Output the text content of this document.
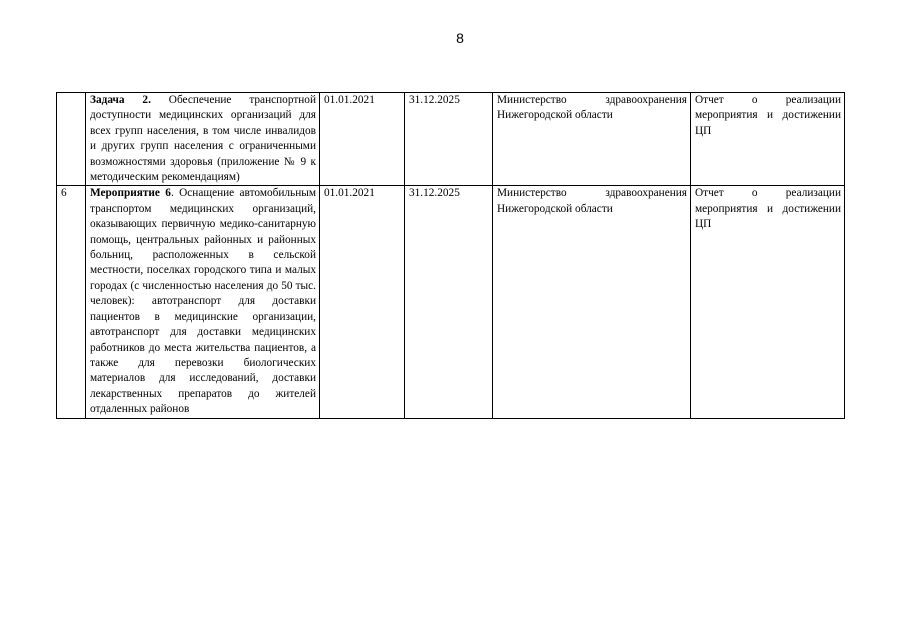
8
	Задача 2. Обеспечение транспортной доступности медицинских организаций для всех групп населения, в том числе инвалидов и других групп населения с ограниченными возможностями здоровья (приложение № 9 к методическим рекомендациям)	01.01.2021	31.12.2025	Министерство здравоохранения Нижегородской области	Отчет о реализации мероприятия и достижении ЦП
6	Мероприятие 6. Оснащение автомобильным транспортом медицинских организаций, оказывающих первичную медико-санитарную помощь, центральных районных и районных больниц, расположенных в сельской местности, поселках городского типа и малых городах (с численностью населения до 50 тыс. человек): автотранспорт для доставки пациентов в медицинские организации, автотранспорт для доставки медицинских работников до места жительства пациентов, а также для перевозки биологических материалов для исследований, доставки лекарственных препаратов до жителей отдаленных районов	01.01.2021	31.12.2025	Министерство здравоохранения Нижегородской области	Отчет о реализации мероприятия и достижении ЦП
